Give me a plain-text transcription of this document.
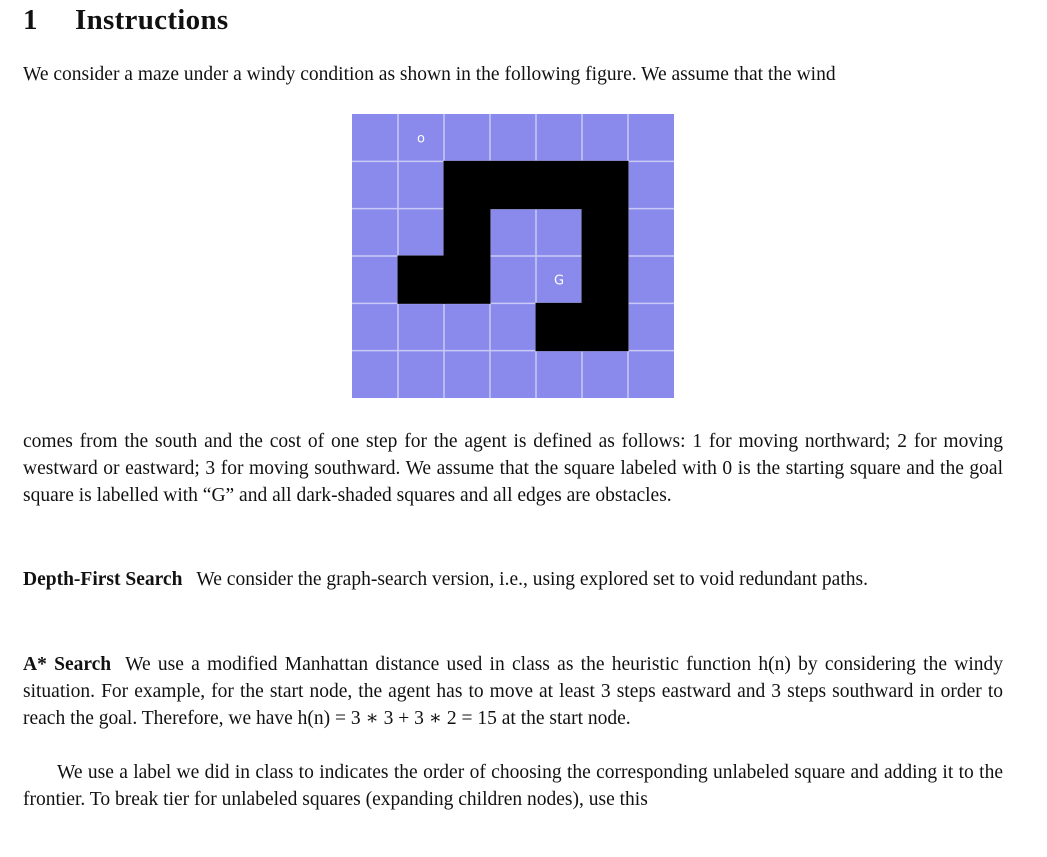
1 Instructions
We consider a maze under a windy condition as shown in the following figure. We assume that the wind
comes from the south and the cost of one step for the agent is defined as follows: 1 for moving northward; 2 for moving westward or eastward; 3 for moving southward. We assume that the square labeled with 0 is the starting square and the goal square is labelled with “G” and all dark-shaded squares and all edges are obstacles.
Depth-First Search We consider the graph-search version, i.e., using explored set to void redundant paths.
A* Search We use a modified Manhattan distance used in class as the heuristic function h(n) by considering the windy situation. For example, for the start node, the agent has to move at least 3 steps eastward and 3 steps southward in order to reach the goal. Therefore, we have h(n) = 3 ∗ 3 + 3 ∗ 2 = 15 at the start node.
We use a label we did in class to indicates the order of choosing the corresponding unlabeled square and adding it to the frontier. To break tier for unlabeled squares (expanding children nodes), use this
o
G
